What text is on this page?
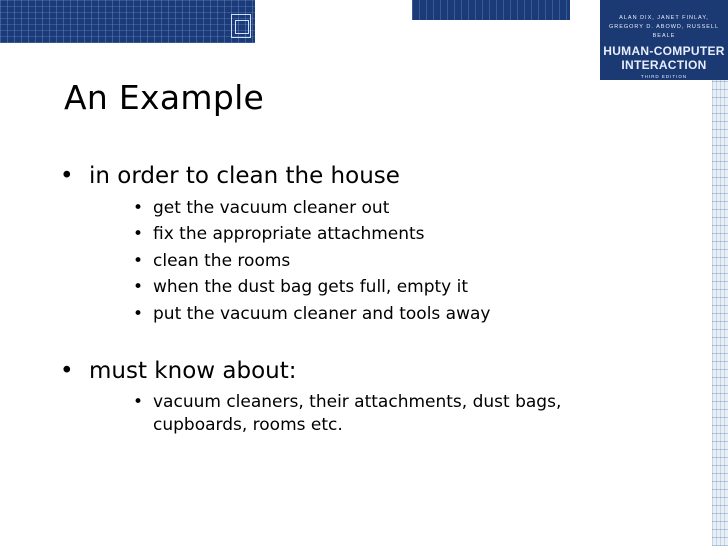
ALAN DIX, JANET FINLAY,
GREGORY D. ABOWD, RUSSELL BEALE
HUMAN-COMPUTER
INTERACTION
THIRD EDITION
An Example
• in order to clean the house
• get the vacuum cleaner out
• fix the appropriate attachments
• clean the rooms
• when the dust bag gets full, empty it
• put the vacuum cleaner and tools away
• must know about:
• vacuum cleaners, their attachments, dust bags,
cupboards, rooms etc.
